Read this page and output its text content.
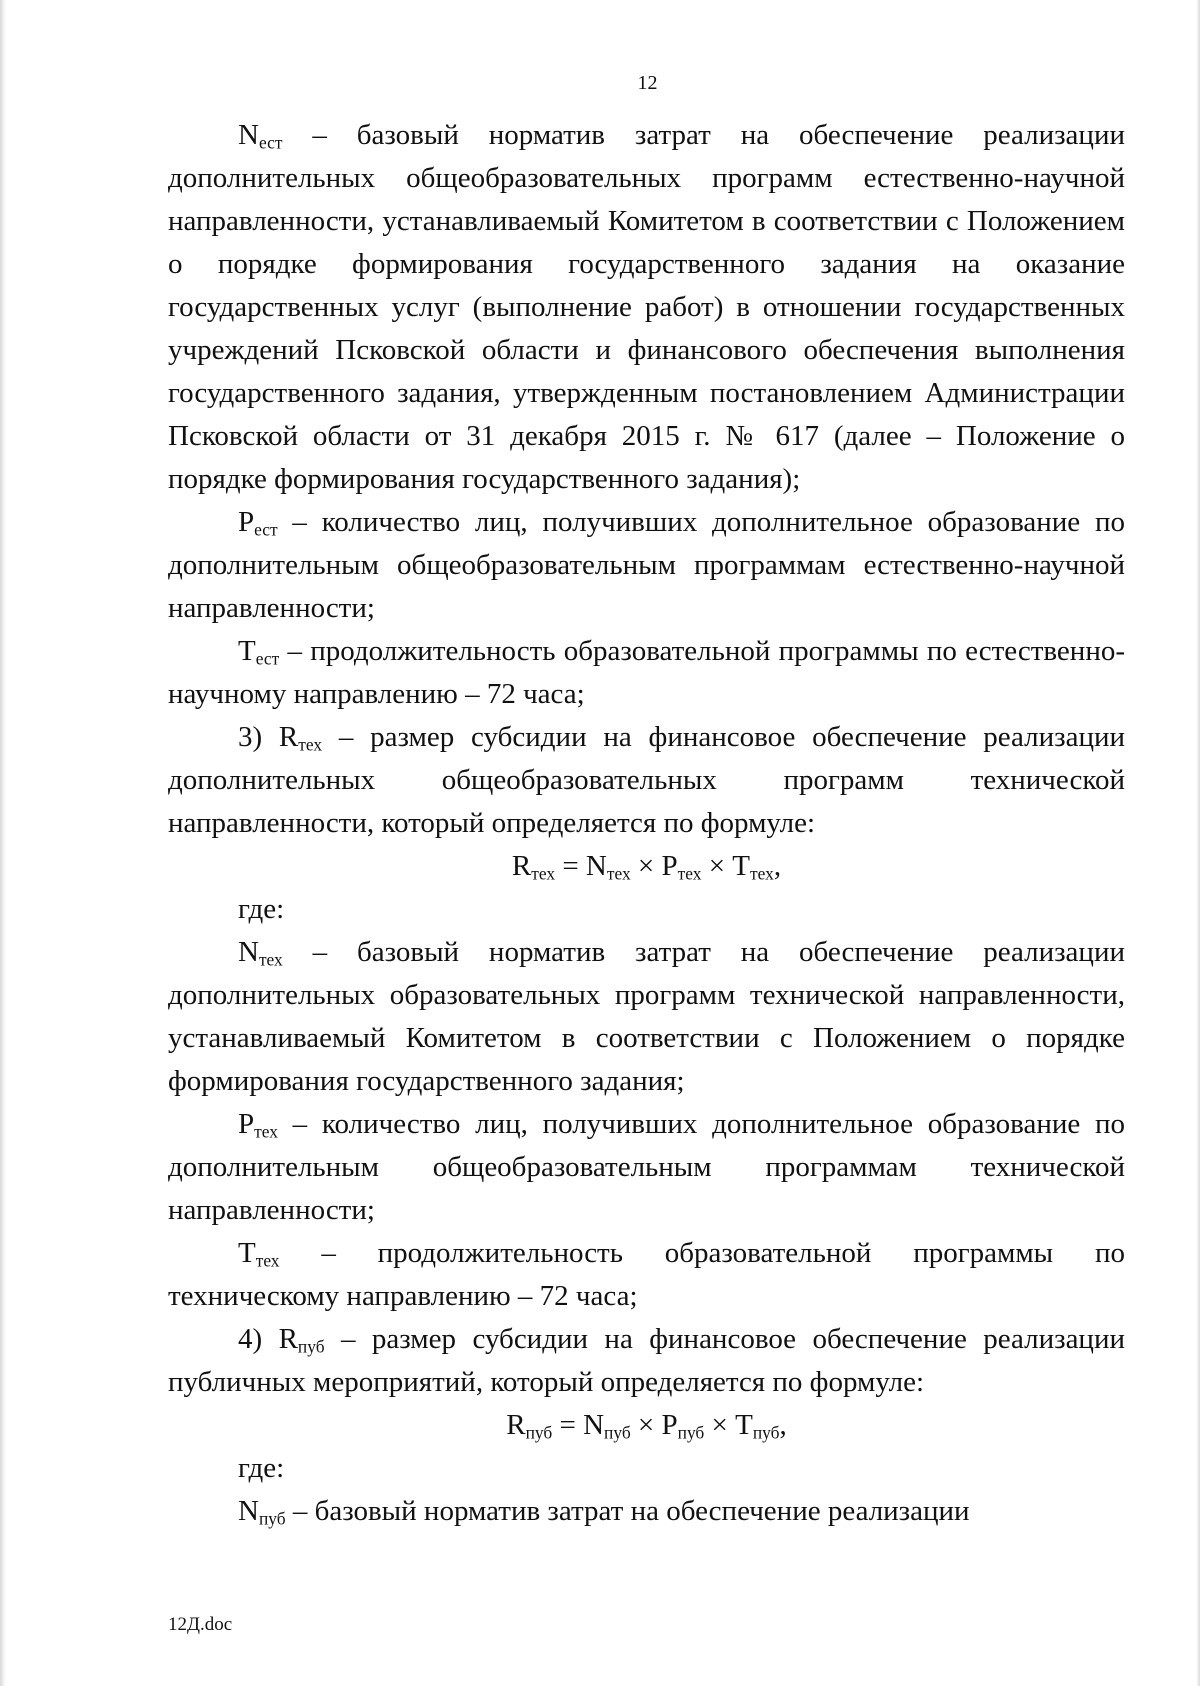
12

$N_{ест}$ – базовый норматив затрат на обеспечение реализации дополнительных общеобразовательных программ естественно-научной направленности, устанавливаемый Комитетом в соответствии с Положением о порядке формирования государственного задания на оказание государственных услуг (выполнение работ) в отношении государственных учреждений Псковской области и финансового обеспечения выполнения государственного задания, утвержденным постановлением Администрации Псковской области от 31 декабря 2015 г. № 617 (далее – Положение о порядке формирования государственного задания);

$P_{ест}$ – количество лиц, получивших дополнительное образование по дополнительным общеобразовательным программам естественно-научной направленности;

$T_{ест}$ – продолжительность образовательной программы по естественно-научному направлению – 72 часа;

3) $R_{тех}$ – размер субсидии на финансовое обеспечение реализации дополнительных общеобразовательных программ технической направленности, который определяется по формуле:

$R_{тех} = N_{тех} \times P_{тех} \times T_{тех}$,

где:

$N_{тех}$ – базовый норматив затрат на обеспечение реализации дополнительных образовательных программ технической направленности, устанавливаемый Комитетом в соответствии с Положением о порядке формирования государственного задания;

$P_{тех}$ – количество лиц, получивших дополнительное образование по дополнительным общеобразовательным программам технической направленности;

$T_{тех}$ – продолжительность образовательной программы по техническому направлению – 72 часа;

4) $R_{пуб}$ – размер субсидии на финансовое обеспечение реализации публичных мероприятий, который определяется по формуле:

$R_{пуб} = N_{пуб} \times P_{пуб} \times T_{пуб}$,

где:

$N_{пуб}$ – базовый норматив затрат на обеспечение реализации

12Д.doc
